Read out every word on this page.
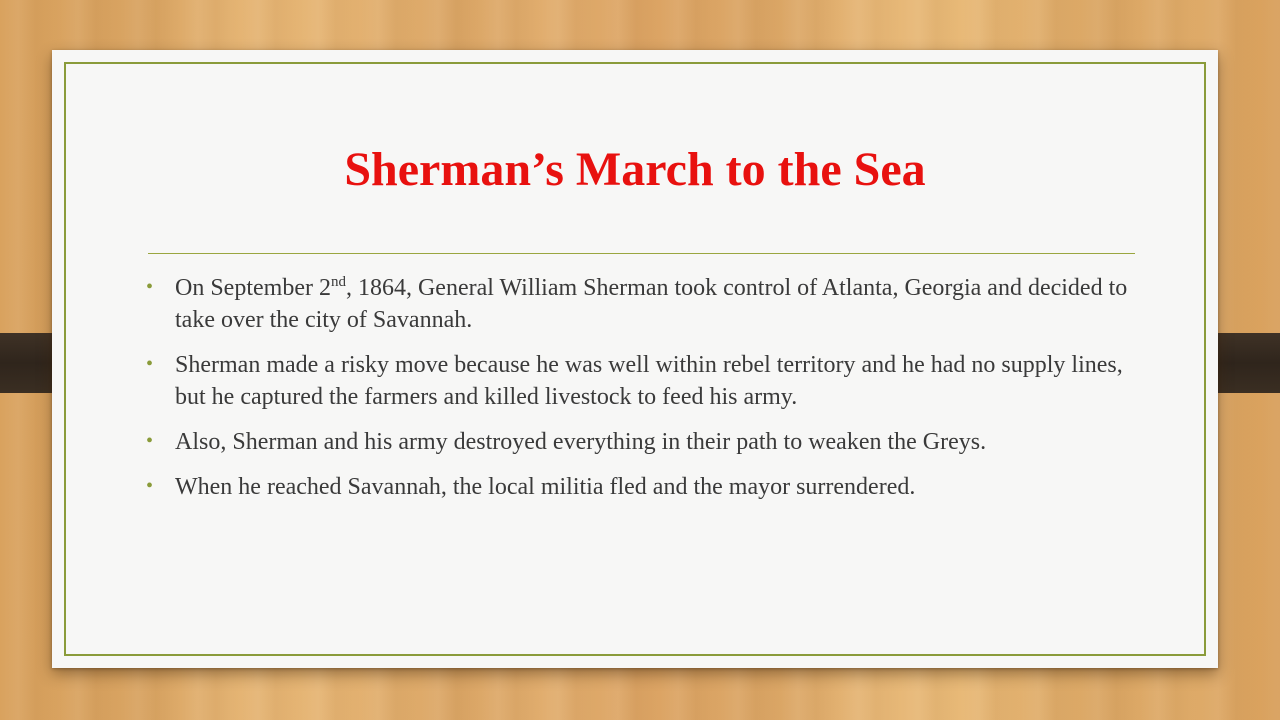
Sherman’s March to the Sea
• On September 2nd, 1864, General William Sherman took control of Atlanta, Georgia and decided to take over the city of Savannah.
• Sherman made a risky move because he was well within rebel territory and he had no supply lines, but he captured the farmers and killed livestock to feed his army.
• Also, Sherman and his army destroyed everything in their path to weaken the Greys.
• When he reached Savannah, the local militia fled and the mayor surrendered.
